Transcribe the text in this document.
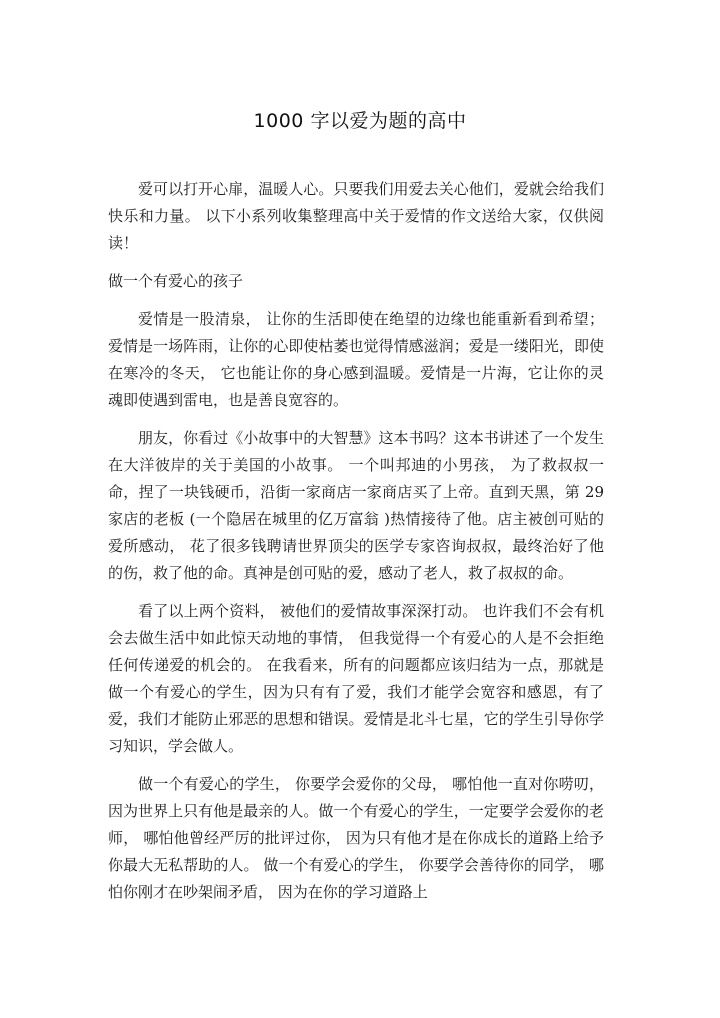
1000 字以爱为题的高中

爱可以打开心扉，温暖人心。只要我们用爱去关心他们，爱就会给我们快乐和力量。 以下小系列收集整理高中关于爱情的作文送给大家，仅供阅读！

做一个有爱心的孩子

爱情是一股清泉， 让你的生活即使在绝望的边缘也能重新看到希望；爱情是一场阵雨，让你的心即使枯萎也觉得情感滋润；爱是一缕阳光，即使在寒冷的冬天， 它也能让你的身心感到温暖。爱情是一片海，它让你的灵魂即使遇到雷电，也是善良宽容的。

朋友，你看过《小故事中的大智慧》这本书吗？这本书讲述了一个发生在大洋彼岸的关于美国的小故事。 一个叫邦迪的小男孩， 为了救叔叔一命，捏了一块钱硬币，沿街一家商店一家商店买了上帝。直到天黑，第 29 家店的老板 (一个隐居在城里的亿万富翁 )热情接待了他。店主被创可贴的爱所感动， 花了很多钱聘请世界顶尖的医学专家咨询叔叔，最终治好了他的伤，救了他的命。真神是创可贴的爱，感动了老人，救了叔叔的命。

看了以上两个资料， 被他们的爱情故事深深打动。 也许我们不会有机会去做生活中如此惊天动地的事情， 但我觉得一个有爱心的人是不会拒绝任何传递爱的机会的。 在我看来，所有的问题都应该归结为一点，那就是做一个有爱心的学生，因为只有有了爱，我们才能学会宽容和感恩，有了爱，我们才能防止邪恶的思想和错误。爱情是北斗七星，它的学生引导你学习知识，学会做人。

做一个有爱心的学生， 你要学会爱你的父母， 哪怕他一直对你唠叨，因为世界上只有他是最亲的人。做一个有爱心的学生，一定要学会爱你的老师， 哪怕他曾经严厉的批评过你， 因为只有他才是在你成长的道路上给予你最大无私帮助的人。 做一个有爱心的学生， 你要学会善待你的同学， 哪怕你刚才在吵架闹矛盾， 因为在你的学习道路上
